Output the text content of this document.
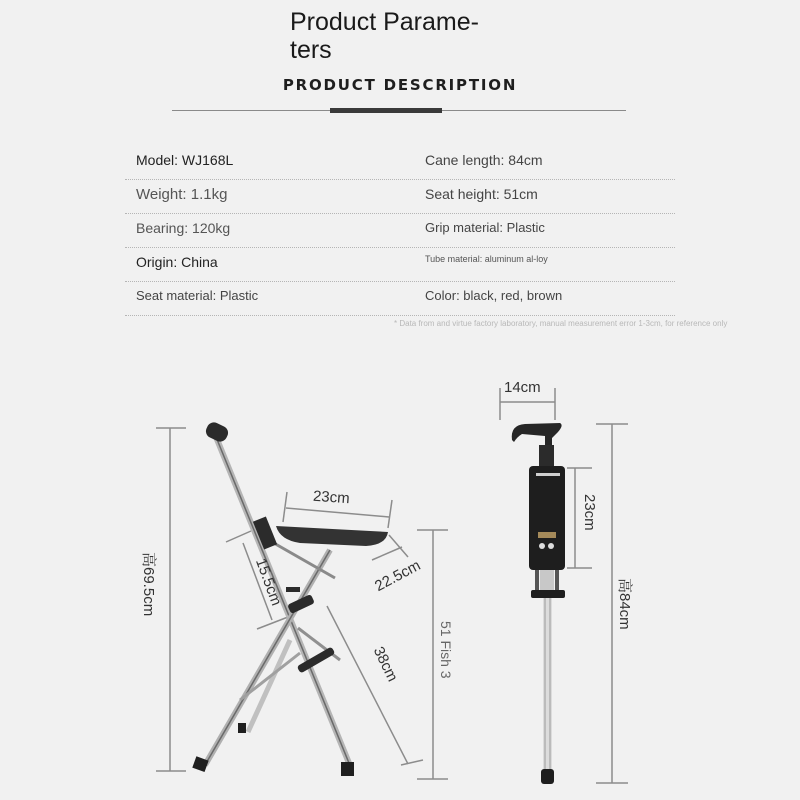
Product Parame-
ters
PRODUCT DESCRIPTION
Model: WJ168L	Cane length: 84cm
Weight: 1.1kg	Seat height: 51cm
Bearing: 120kg	Grip material: Plastic
Origin: China	Tube material: aluminum al-loy
Seat material: Plastic	Color: black, red, brown
* Data from and virtue factory laboratory, manual measurement error 1-3cm, for reference only
23cm
22.5cm
15.5cm
38cm
高69.5cm
51 Fish 3
14cm
23cm
高84cm
